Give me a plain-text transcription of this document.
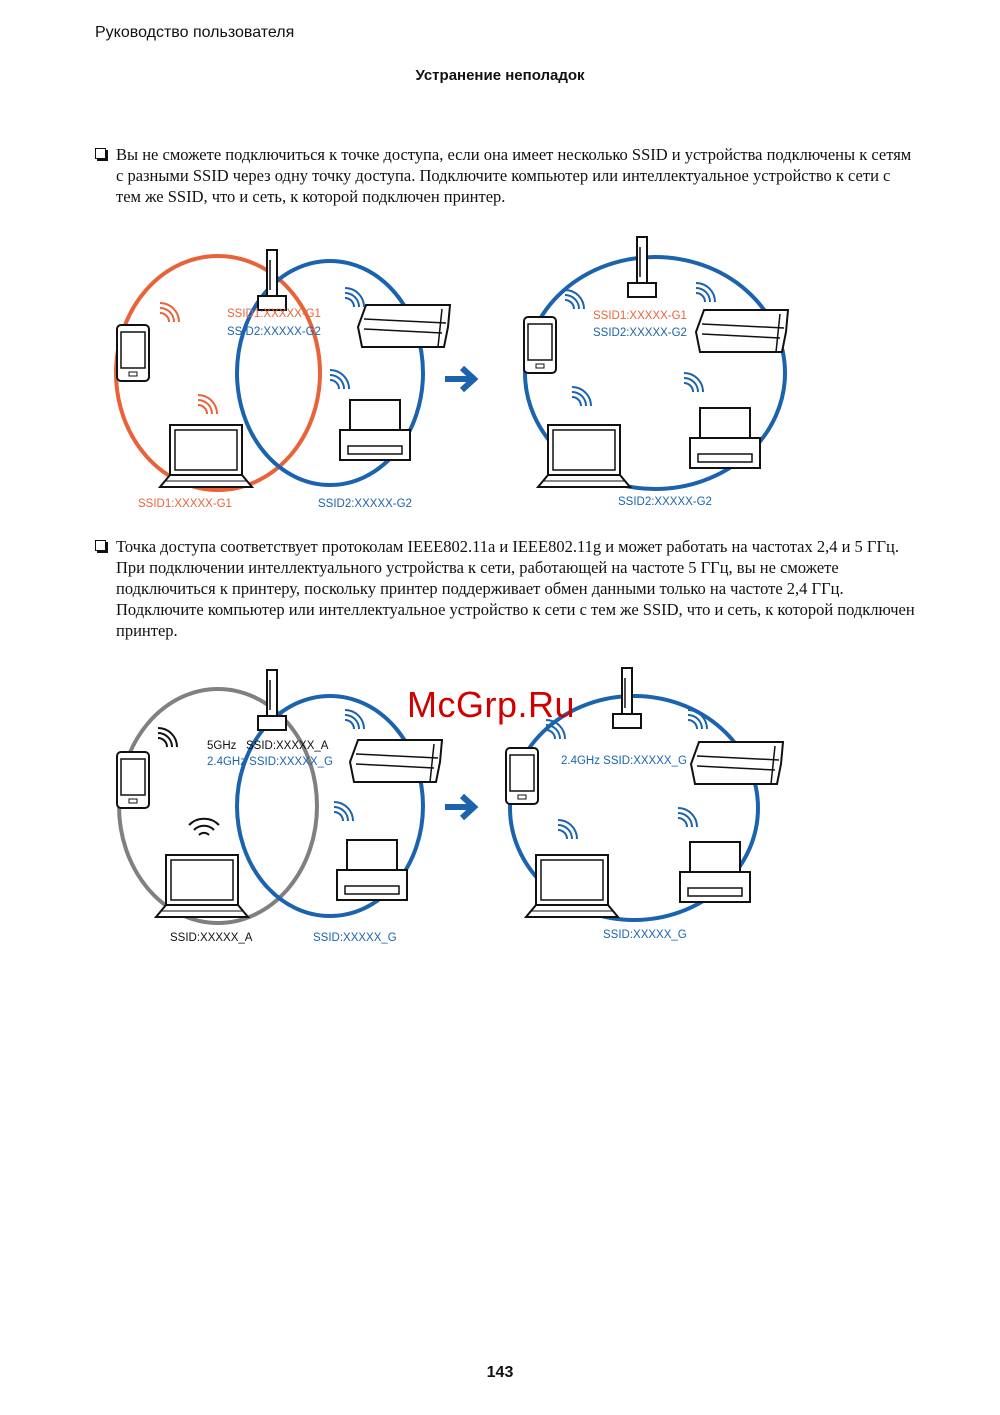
Руководство пользователя
Устранение неполадок
Вы не сможете подключиться к точке доступа, если она имеет несколько SSID и устройства подключены к сетям с разными SSID через одну точку доступа. Подключите компьютер или интеллектуальное устройство к сети с тем же SSID, что и сеть, к которой подключен принтер.
SSID1:XXXXX-G1
SSID2:XXXXX-G2
SSID1:XXXXX-G1	SSID2:XXXXX-G2
SSID1:XXXXX-G1
SSID2:XXXXX-G2
SSID2:XXXXX-G2
Точка доступа соответствует протоколам IEEE802.11a и IEEE802.11g и может работать на частотах 2,4 и 5 ГГц. При подключении интеллектуального устройства к сети, работающей на частоте 5 ГГц, вы не сможете подключиться к принтеру, поскольку принтер поддерживает обмен данными только на частоте 2,4 ГГц. Подключите компьютер или интеллектуальное устройство к сети с тем же SSID, что и сеть, к которой подключен принтер.
5GHz   SSID:XXXXX_A
2.4GHz SSID:XXXXX_G
SSID:XXXXX_A	SSID:XXXXX_G
2.4GHz SSID:XXXXX_G
SSID:XXXXX_G
McGrp.Ru
143
